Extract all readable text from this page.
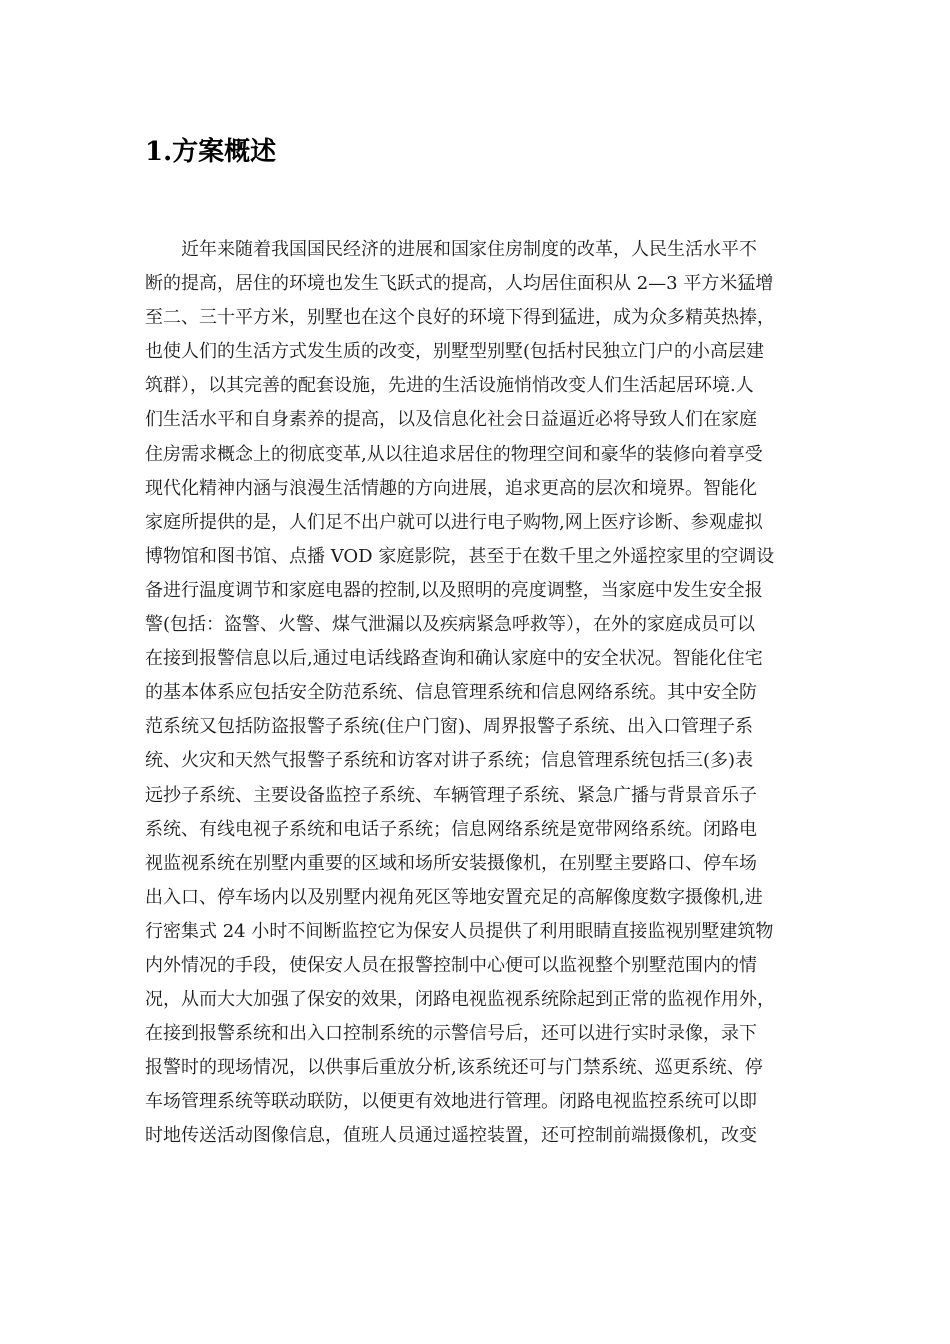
1.方案概述
近年来随着我国国民经济的进展和国家住房制度的改革，人民生活水平不
断的提高，居住的环境也发生飞跃式的提高，人均居住面积从 2—3 平方米猛增
至二、三十平方米，别墅也在这个良好的环境下得到猛进，成为众多精英热捧，
也使人们的生活方式发生质的改变，别墅型别墅(包括村民独立门户的小高层建
筑群），以其完善的配套设施，先进的生活设施悄悄改变人们生活起居环境.人
们生活水平和自身素养的提高，以及信息化社会日益逼近必将导致人们在家庭
住房需求概念上的彻底变革,从以往追求居住的物理空间和豪华的装修向着享受
现代化精神内涵与浪漫生活情趣的方向进展，追求更高的层次和境界。智能化
家庭所提供的是，人们足不出户就可以进行电子购物,网上医疗诊断、参观虚拟
博物馆和图书馆、点播 VOD 家庭影院，甚至于在数千里之外遥控家里的空调设
备进行温度调节和家庭电器的控制,以及照明的亮度调整，当家庭中发生安全报
警(包括：盗警、火警、煤气泄漏以及疾病紧急呼救等），在外的家庭成员可以
在接到报警信息以后,通过电话线路查询和确认家庭中的安全状况。智能化住宅
的基本体系应包括安全防范系统、信息管理系统和信息网络系统。其中安全防
范系统又包括防盗报警子系统(住户门窗)、周界报警子系统、出入口管理子系
统、火灾和天然气报警子系统和访客对讲子系统；信息管理系统包括三(多)表
远抄子系统、主要设备监控子系统、车辆管理子系统、紧急广播与背景音乐子
系统、有线电视子系统和电话子系统；信息网络系统是宽带网络系统。闭路电
视监视系统在别墅内重要的区域和场所安装摄像机，在别墅主要路口、停车场
出入口、停车场内以及别墅内视角死区等地安置充足的高解像度数字摄像机,进
行密集式 24 小时不间断监控它为保安人员提供了利用眼睛直接监视别墅建筑物
内外情况的手段，使保安人员在报警控制中心便可以监视整个别墅范围内的情
况，从而大大加强了保安的效果，闭路电视监视系统除起到正常的监视作用外，
在接到报警系统和出入口控制系统的示警信号后，还可以进行实时录像，录下
报警时的现场情况，以供事后重放分析,该系统还可与门禁系统、巡更系统、停
车场管理系统等联动联防，以便更有效地进行管理。闭路电视监控系统可以即
时地传送活动图像信息，值班人员通过遥控装置，还可控制前端摄像机，改变
